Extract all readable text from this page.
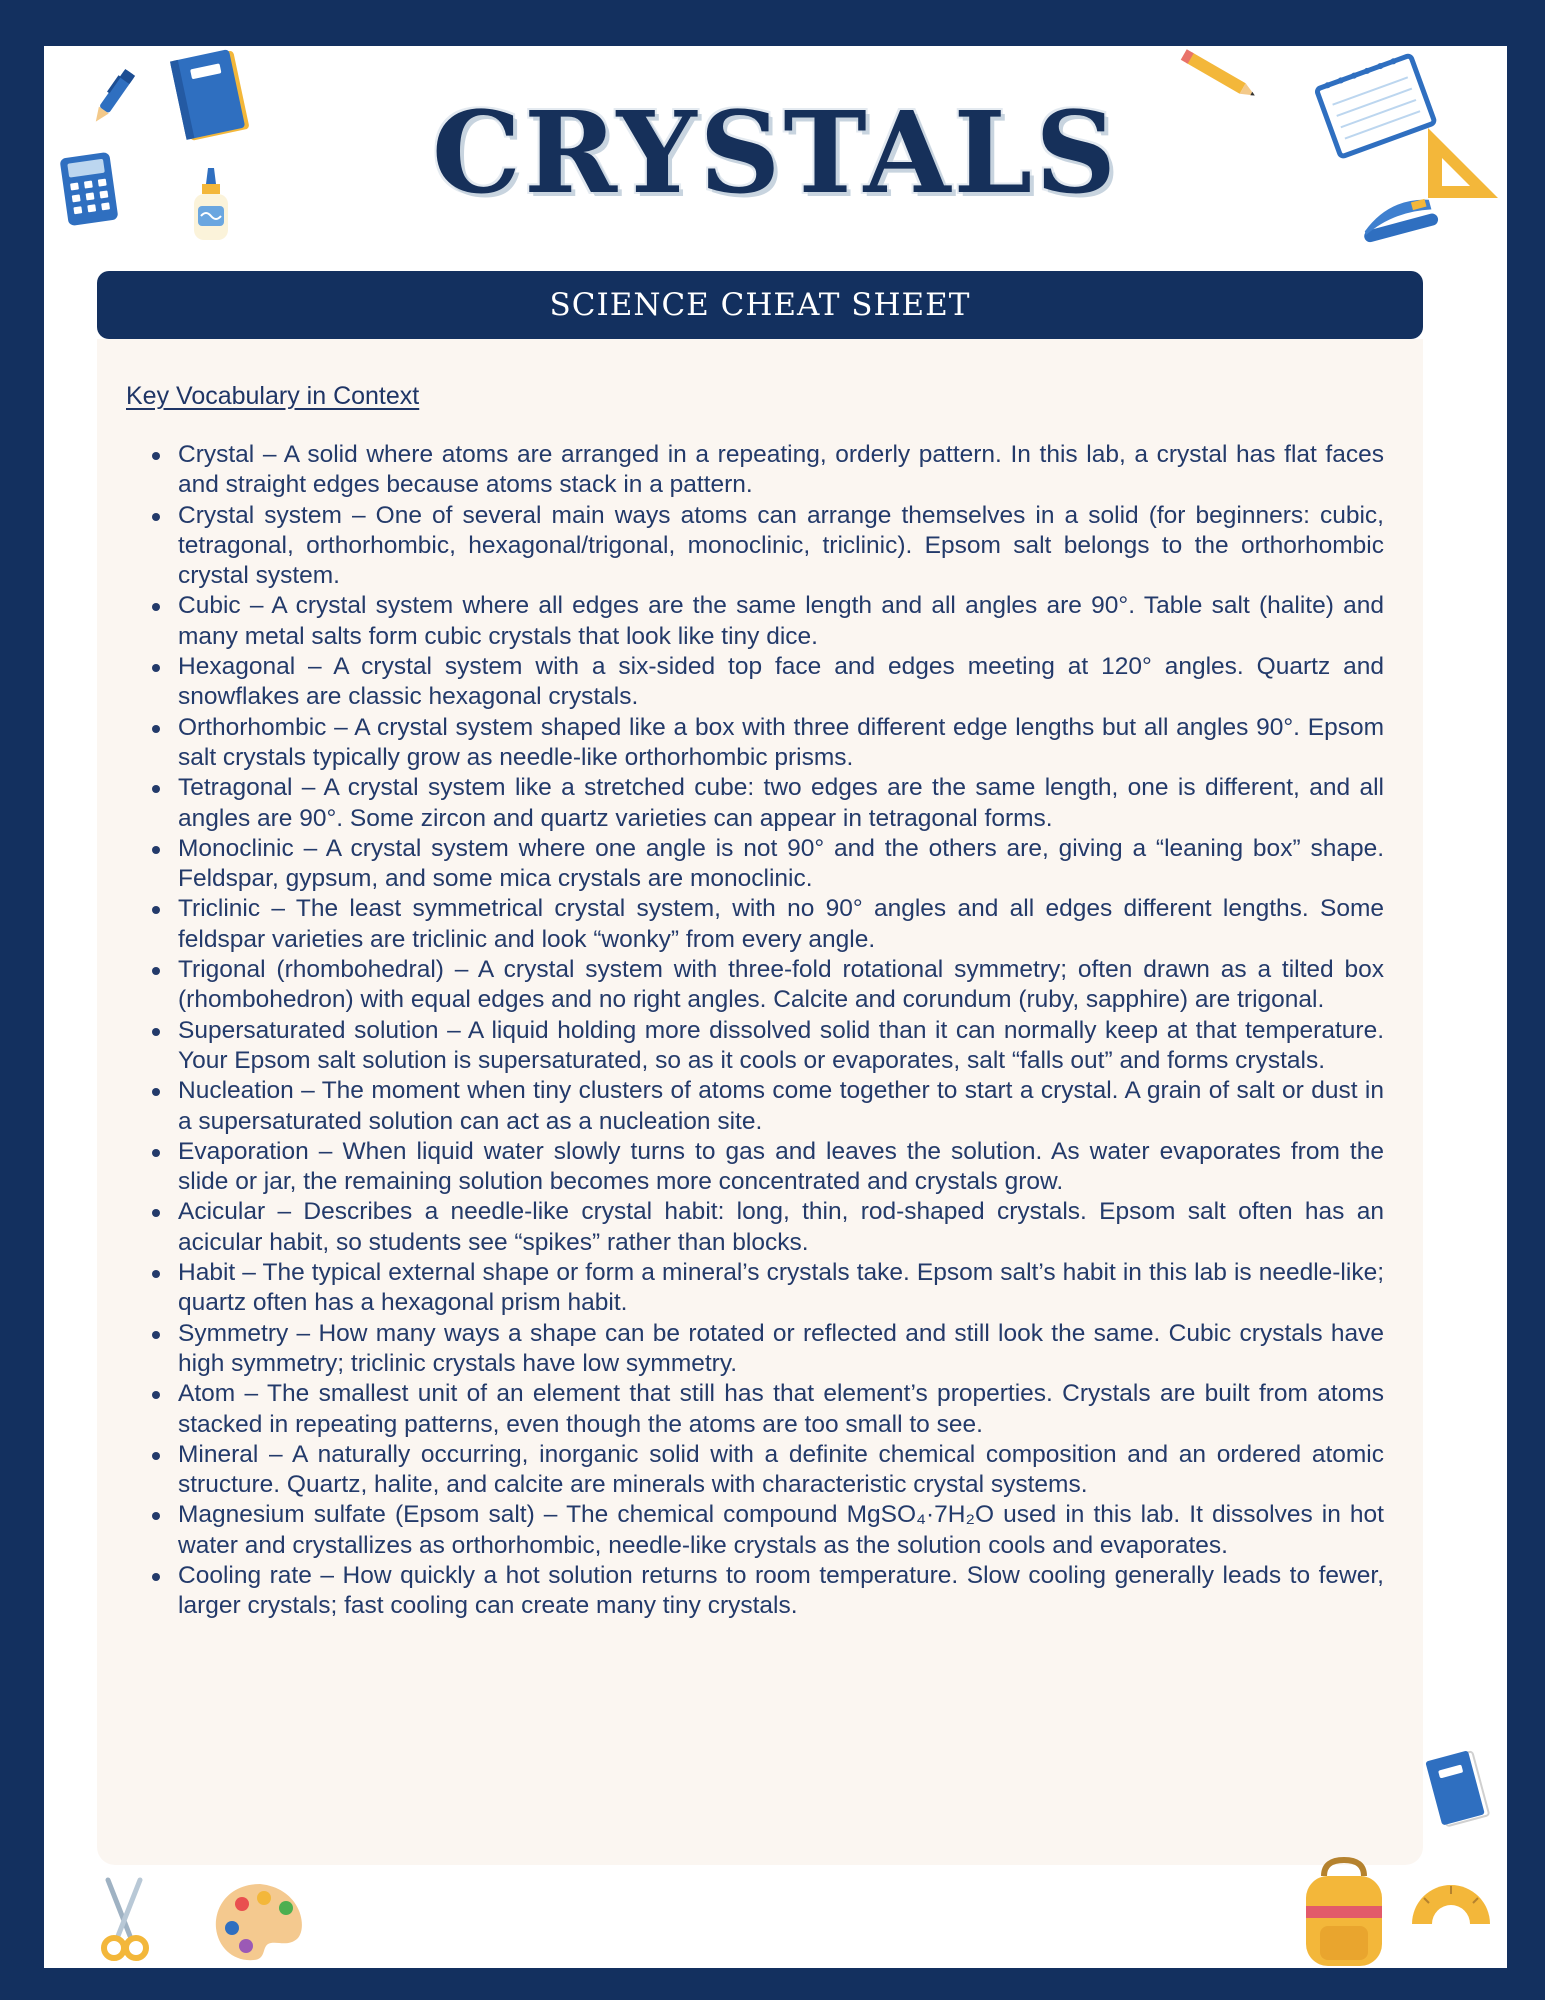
CRYSTALS
SCIENCE CHEAT SHEET
Key Vocabulary in Context
Crystal – A solid where atoms are arranged in a repeating, orderly pattern. In this lab, a crystal has flat faces and straight edges because atoms stack in a pattern.
Crystal system – One of several main ways atoms can arrange themselves in a solid (for beginners: cubic, tetragonal, orthorhombic, hexagonal/trigonal, monoclinic, triclinic). Epsom salt belongs to the orthorhombic crystal system.
Cubic – A crystal system where all edges are the same length and all angles are 90°. Table salt (halite) and many metal salts form cubic crystals that look like tiny dice.
Hexagonal – A crystal system with a six-sided top face and edges meeting at 120° angles. Quartz and snowflakes are classic hexagonal crystals.
Orthorhombic – A crystal system shaped like a box with three different edge lengths but all angles 90°. Epsom salt crystals typically grow as needle-like orthorhombic prisms.
Tetragonal – A crystal system like a stretched cube: two edges are the same length, one is different, and all angles are 90°. Some zircon and quartz varieties can appear in tetragonal forms.
Monoclinic – A crystal system where one angle is not 90° and the others are, giving a “leaning box” shape. Feldspar, gypsum, and some mica crystals are monoclinic.
Triclinic – The least symmetrical crystal system, with no 90° angles and all edges different lengths. Some feldspar varieties are triclinic and look “wonky” from every angle.
Trigonal (rhombohedral) – A crystal system with three-fold rotational symmetry; often drawn as a tilted box (rhombohedron) with equal edges and no right angles. Calcite and corundum (ruby, sapphire) are trigonal.
Supersaturated solution – A liquid holding more dissolved solid than it can normally keep at that temperature. Your Epsom salt solution is supersaturated, so as it cools or evaporates, salt “falls out” and forms crystals.
Nucleation – The moment when tiny clusters of atoms come together to start a crystal. A grain of salt or dust in a supersaturated solution can act as a nucleation site.
Evaporation – When liquid water slowly turns to gas and leaves the solution. As water evaporates from the slide or jar, the remaining solution becomes more concentrated and crystals grow.
Acicular – Describes a needle-like crystal habit: long, thin, rod-shaped crystals. Epsom salt often has an acicular habit, so students see “spikes” rather than blocks.
Habit – The typical external shape or form a mineral’s crystals take. Epsom salt’s habit in this lab is needle-like; quartz often has a hexagonal prism habit.
Symmetry – How many ways a shape can be rotated or reflected and still look the same. Cubic crystals have high symmetry; triclinic crystals have low symmetry.
Atom – The smallest unit of an element that still has that element’s properties. Crystals are built from atoms stacked in repeating patterns, even though the atoms are too small to see.
Mineral – A naturally occurring, inorganic solid with a definite chemical composition and an ordered atomic structure. Quartz, halite, and calcite are minerals with characteristic crystal systems.
Magnesium sulfate (Epsom salt) – The chemical compound MgSO₄·7H₂O used in this lab. It dissolves in hot water and crystallizes as orthorhombic, needle-like crystals as the solution cools and evaporates.
Cooling rate – How quickly a hot solution returns to room temperature. Slow cooling generally leads to fewer, larger crystals; fast cooling can create many tiny crystals.
